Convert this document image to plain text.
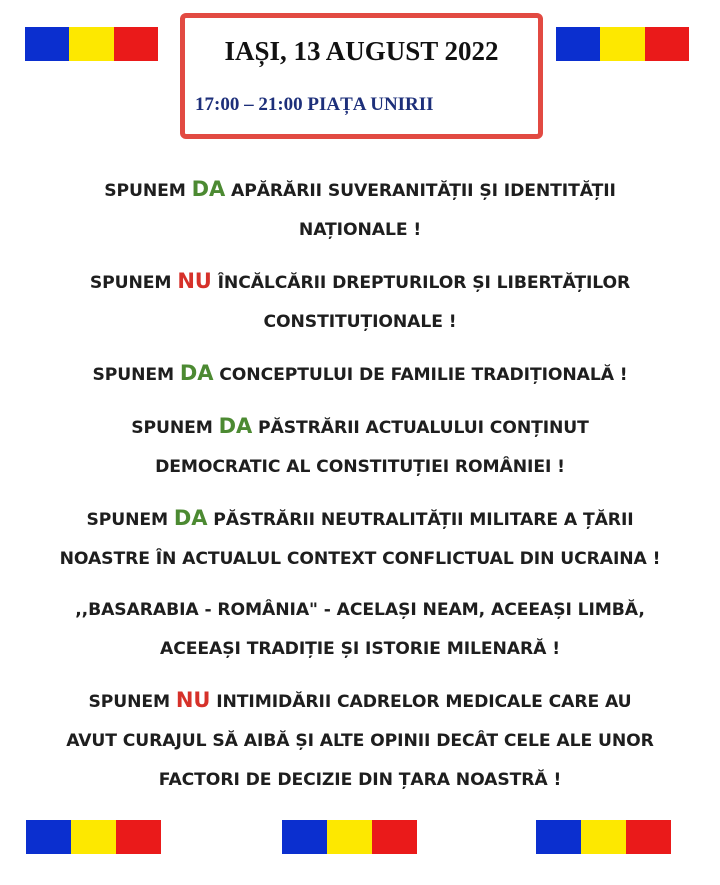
IAȘI, 13 AUGUST 2022
17:00 – 21:00 PIAȚA UNIRII
SPUNEM DA APĂRĂRII SUVERANITĂȚII ȘI IDENTITĂȚII
NAȚIONALE !
SPUNEM NU ÎNCĂLCĂRII DREPTURILOR ȘI LIBERTĂȚILOR
CONSTITUȚIONALE !
SPUNEM DA CONCEPTULUI DE FAMILIE TRADIȚIONALĂ !
SPUNEM DA PĂSTRĂRII ACTUALULUI CONȚINUT
DEMOCRATIC AL CONSTITUȚIEI ROMÂNIEI !
SPUNEM DA PĂSTRĂRII NEUTRALITĂȚII MILITARE A ȚĂRII
NOASTRE ÎN ACTUALUL CONTEXT CONFLICTUAL DIN UCRAINA !
,,BASARABIA - ROMÂNIA" - ACELAȘI NEAM, ACEEAȘI LIMBĂ,
ACEEAȘI TRADIȚIE ȘI ISTORIE MILENARĂ !
SPUNEM NU INTIMIDĂRII CADRELOR MEDICALE CARE AU
AVUT CURAJUL SĂ AIBĂ ȘI ALTE OPINII DECÂT CELE ALE UNOR
FACTORI DE DECIZIE DIN ȚARA NOASTRĂ !
